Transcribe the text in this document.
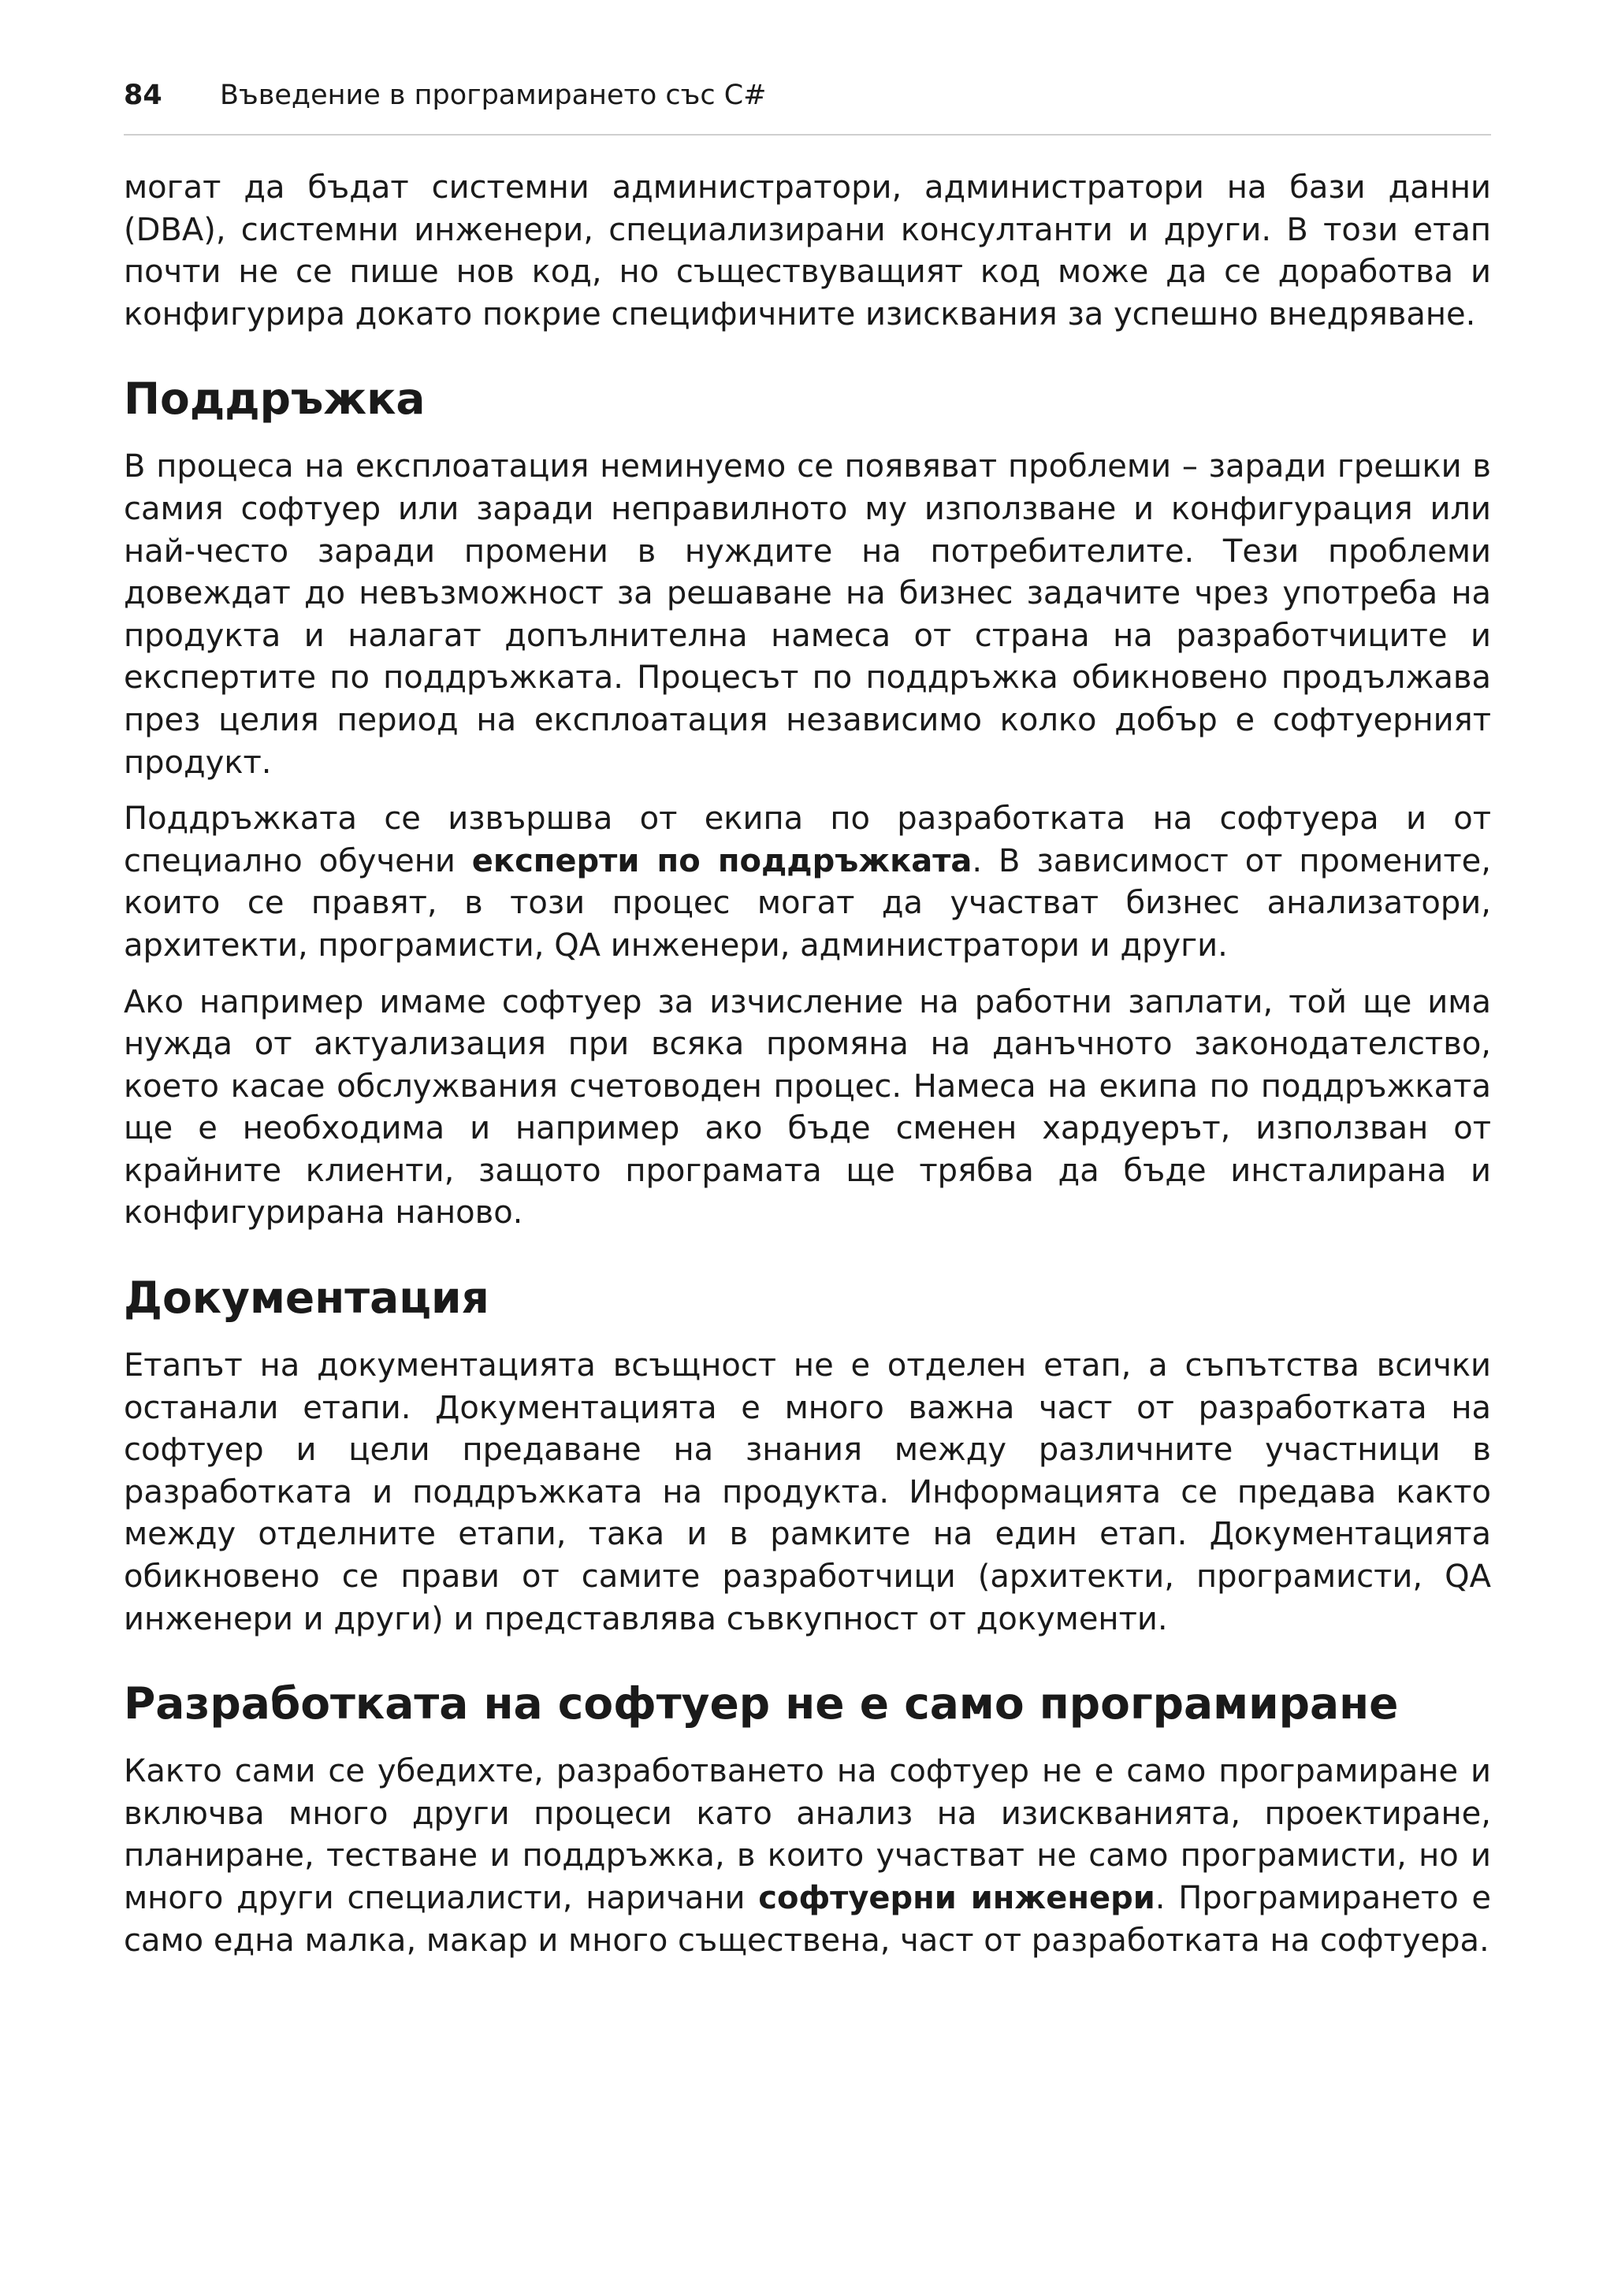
84	Въведение в програмирането със C#

могат да бъдат системни администратори, администратори на бази данни (DBA), системни инженери, специализирани консултанти и други. В този етап почти не се пише нов код, но съществуващият код може да се доработва и конфигурира докато покрие специфичните изисквания за успешно внедряване.

Поддръжка

В процеса на експлоатация неминуемо се появяват проблеми – заради грешки в самия софтуер или заради неправилното му използване и конфигурация или най-често заради промени в нуждите на потребителите. Тези проблеми довеждат до невъзможност за решаване на бизнес задачите чрез употреба на продукта и налагат допълнителна намеса от страна на разработчиците и експертите по поддръжката. Процесът по поддръжка обикновено продължава през целия период на експлоатация независимо колко добър е софтуерният продукт.

Поддръжката се извършва от екипа по разработката на софтуера и от специално обучени експерти по поддръжката. В зависимост от промените, които се правят, в този процес могат да участват бизнес анализатори, архитекти, програмисти, QA инженери, администратори и други.

Ако например имаме софтуер за изчисление на работни заплати, той ще има нужда от актуализация при всяка промяна на данъчното законодателство, което касае обслужвания счетоводен процес. Намеса на екипа по поддръжката ще е необходима и например ако бъде сменен хардуерът, използван от крайните клиенти, защото програмата ще трябва да бъде инсталирана и конфигурирана наново.

Документация

Етапът на документацията всъщност не е отделен етап, а съпътства всички останали етапи. Документацията е много важна част от разработката на софтуер и цели предаване на знания между различните участници в разработката и поддръжката на продукта. Информацията се предава както между отделните етапи, така и в рамките на един етап. Документацията обикновено се прави от самите разработчици (архитекти, програмисти, QA инженери и други) и представлява съвкупност от документи.

Разработката на софтуер не е само програмиране

Както сами се убедихте, разработването на софтуер не е само програмиране и включва много други процеси като анализ на изискванията, проектиране, планиране, тестване и поддръжка, в които участват не само програмисти, но и много други специалисти, наричани софтуерни инженери. Програмирането е само една малка, макар и много съществена, част от разработката на софтуера.
